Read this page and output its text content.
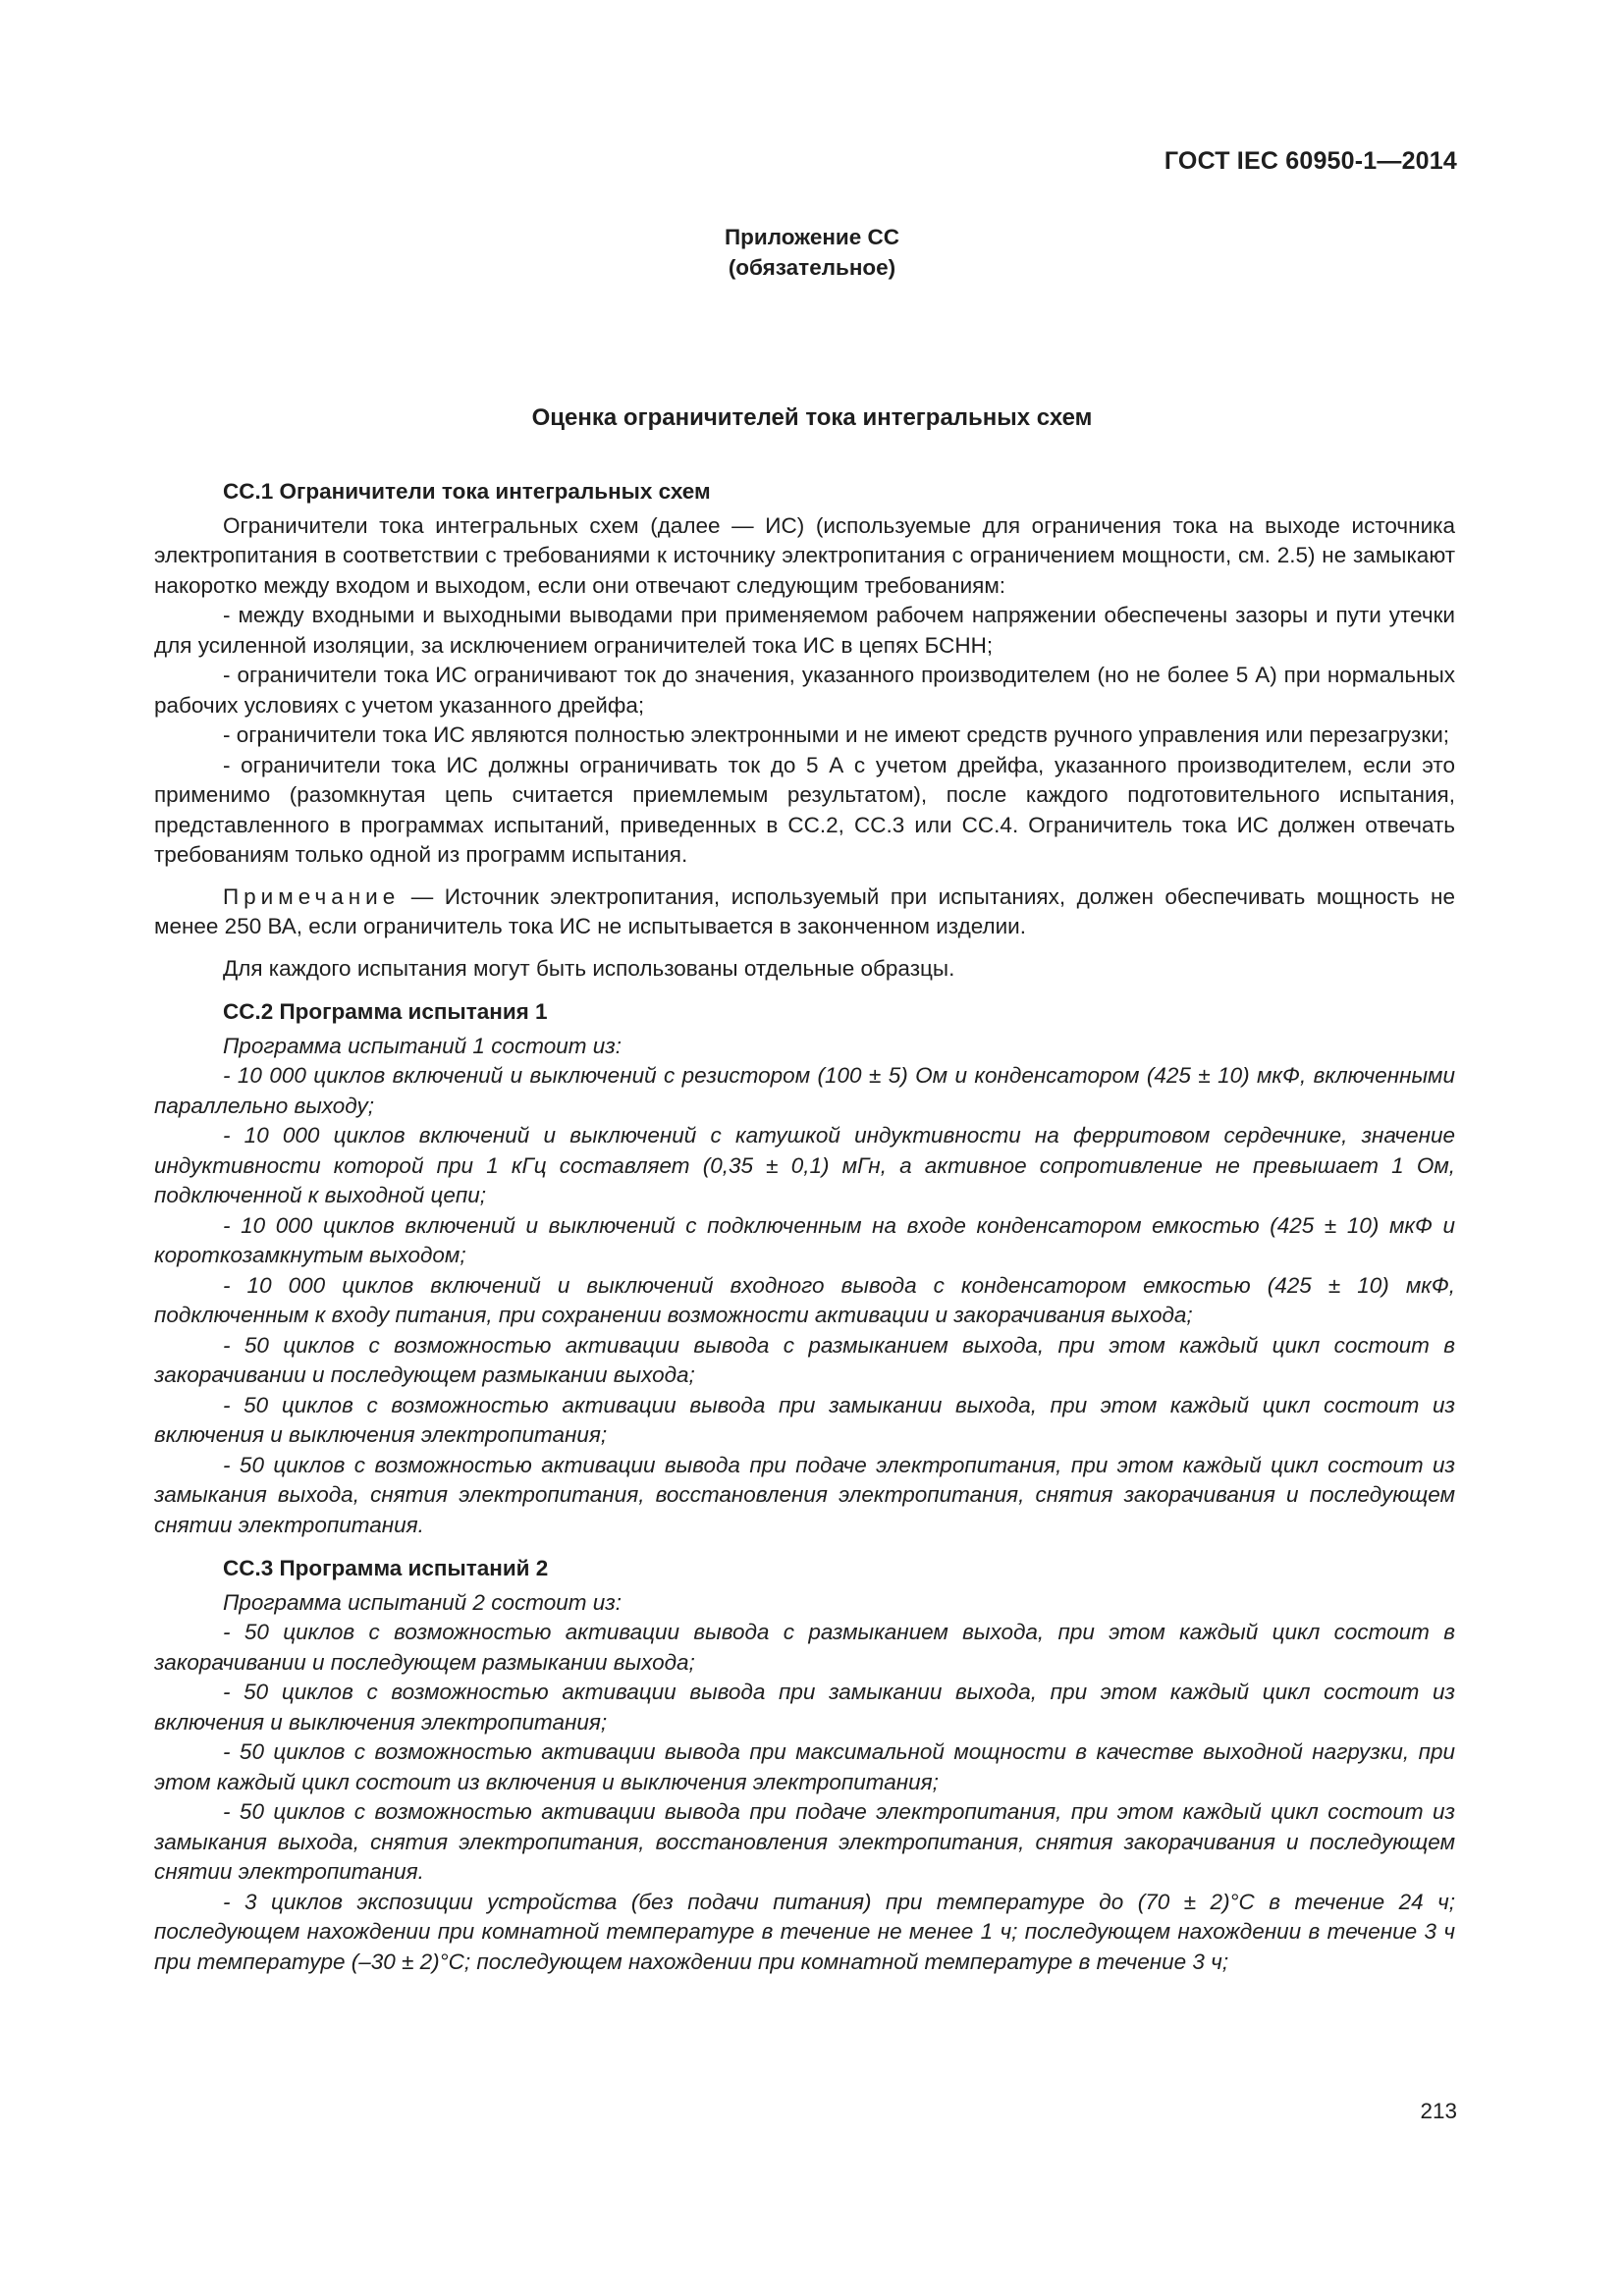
ГОСТ IEC 60950-1—2014
Приложение СС
(обязательное)
Оценка ограничителей тока интегральных схем
СС.1 Ограничители тока интегральных схем

Ограничители тока интегральных схем (далее — ИС) (используемые для ограничения тока на выходе источника электропитания в соответствии с требованиями к источнику электропитания с ограничением мощности, см. 2.5) не замыкают накоротко между входом и выходом, если они отвечают следующим требованиям:

- между входными и выходными выводами при применяемом рабочем напряжении обеспечены зазоры и пути утечки для усиленной изоляции, за исключением ограничителей тока ИС в цепях БСНН;

- ограничители тока ИС ограничивают ток до значения, указанного производителем (но не более 5 А) при нормальных рабочих условиях с учетом указанного дрейфа;

- ограничители тока ИС являются полностью электронными и не имеют средств ручного управления или перезагрузки;

- ограничители тока ИС должны ограничивать ток до 5 А с учетом дрейфа, указанного производителем, если это применимо (разомкнутая цепь считается приемлемым результатом), после каждого подготовительного испытания, представленного в программах испытаний, приведенных в СС.2, СС.3 или СС.4. Ограничитель тока ИС должен отвечать требованиям только одной из программ испытания.

Примечание — Источник электропитания, используемый при испытаниях, должен обеспечивать мощность не менее 250 ВА, если ограничитель тока ИС не испытывается в законченном изделии.

Для каждого испытания могут быть использованы отдельные образцы.

СС.2 Программа испытания 1

Программа испытаний 1 состоит из:

- 10 000 циклов включений и выключений с резистором (100 ± 5) Ом и конденсатором (425 ± 10) мкФ, включенными параллельно выходу;

- 10 000 циклов включений и выключений с катушкой индуктивности на ферритовом сердечнике, значение индуктивности которой при 1 кГц составляет (0,35 ± 0,1) мГн, а активное сопротивление не превышает 1 Ом, подключенной к выходной цепи;

- 10 000 циклов включений и выключений с подключенным на входе конденсатором емкостью (425 ± 10) мкФ и короткозамкнутым выходом;

- 10 000 циклов включений и выключений входного вывода с конденсатором емкостью (425 ± 10) мкФ, подключенным к входу питания, при сохранении возможности активации и закорачивания выхода;

- 50 циклов с возможностью активации вывода с размыканием выхода, при этом каждый цикл состоит в закорачивании и последующем размыкании выхода;

- 50 циклов с возможностью активации вывода при замыкании выхода, при этом каждый цикл состоит из включения и выключения электропитания;

- 50 циклов с возможностью активации вывода при подаче электропитания, при этом каждый цикл состоит из замыкания выхода, снятия электропитания, восстановления электропитания, снятия закорачивания и последующем снятии электропитания.

СС.3 Программа испытаний 2

Программа испытаний 2 состоит из:

- 50 циклов с возможностью активации вывода с размыканием выхода, при этом каждый цикл состоит в закорачивании и последующем размыкании выхода;

- 50 циклов с возможностью активации вывода при замыкании выхода, при этом каждый цикл состоит из включения и выключения электропитания;

- 50 циклов с возможностью активации вывода при максимальной мощности в качестве выходной нагрузки, при этом каждый цикл состоит из включения и выключения электропитания;

- 50 циклов с возможностью активации вывода при подаче электропитания, при этом каждый цикл состоит из замыкания выхода, снятия электропитания, восстановления электропитания, снятия закорачивания и последующем снятии электропитания.

- 3 циклов экспозиции устройства (без подачи питания) при температуре до (70 ± 2)°С в течение 24 ч; последующем нахождении при комнатной температуре в течение не менее 1 ч; последующем нахождении в течение 3 ч при температуре (–30 ± 2)°С; последующем нахождении при комнатной температуре в течение 3 ч;

213
